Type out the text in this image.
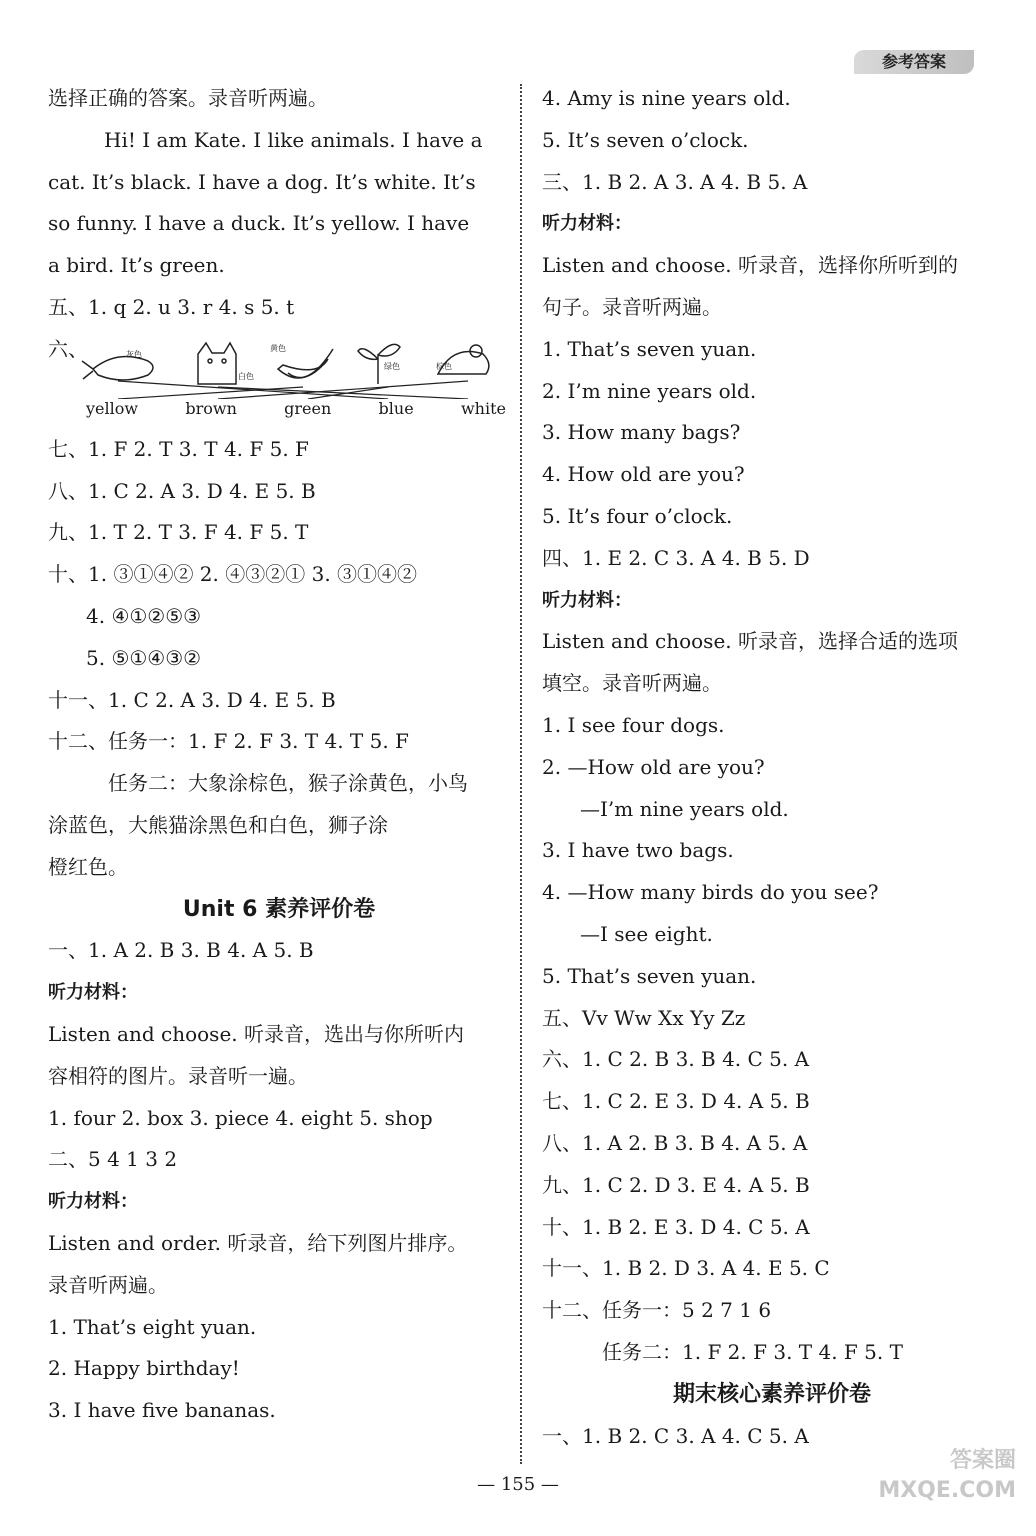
参考答案
选择正确的答案。录音听两遍。
Hi! I am Kate. I like animals. I have a
cat. It’s black. I have a dog. It’s white. It’s
so funny. I have a duck. It’s yellow. I have
a bird. It’s green.
五、1. q 2. u 3. r 4. s 5. t
六、	灰色
白色
黄色
绿色	棕色
yellow	brown	green	blue	white
七、1. F 2. T 3. T 4. F 5. F
八、1. C 2. A 3. D 4. E 5. B
九、1. T 2. T 3. F 4. F 5. T
十、1. ③①④② 2. ④③②① 3. ③①④②
4. ④①②⑤③
5. ⑤①④③②
十一、1. C 2. A 3. D 4. E 5. B
十二、任务一：1. F 2. F 3. T 4. T 5. F
任务二：大象涂棕色，猴子涂黄色，小鸟
涂蓝色，大熊猫涂黑色和白色，狮子涂
橙红色。
Unit 6 素养评价卷
一、1. A 2. B 3. B 4. A 5. B
听力材料：
Listen and choose. 听录音，选出与你所听内
容相符的图片。录音听一遍。
1. four 2. box 3. piece 4. eight 5. shop
二、5 4 1 3 2
听力材料：
Listen and order. 听录音，给下列图片排序。
录音听两遍。
1. That’s eight yuan.
2. Happy birthday!
3. I have five bananas.
4. Amy is nine years old.
5. It’s seven o’clock.
三、1. B 2. A 3. A 4. B 5. A
听力材料：
Listen and choose. 听录音，选择你所听到的
句子。录音听两遍。
1. That’s seven yuan.
2. I’m nine years old.
3. How many bags?
4. How old are you?
5. It’s four o’clock.
四、1. E 2. C 3. A 4. B 5. D
听力材料：
Listen and choose. 听录音，选择合适的选项
填空。录音听两遍。
1. I see four dogs.
2. —How old are you?
—I’m nine years old.
3. I have two bags.
4. —How many birds do you see?
—I see eight.
5. That’s seven yuan.
五、Vv Ww Xx Yy Zz
六、1. C 2. B 3. B 4. C 5. A
七、1. C 2. E 3. D 4. A 5. B
八、1. A 2. B 3. B 4. A 5. A
九、1. C 2. D 3. E 4. A 5. B
十、1. B 2. E 3. D 4. C 5. A
十一、1. B 2. D 3. A 4. E 5. C
十二、任务一：5 2 7 1 6
任务二：1. F 2. F 3. T 4. F 5. T
期末核心素养评价卷
一、1. B 2. C 3. A 4. C 5. A
— 155 —
答案圈
MXQE.COM
